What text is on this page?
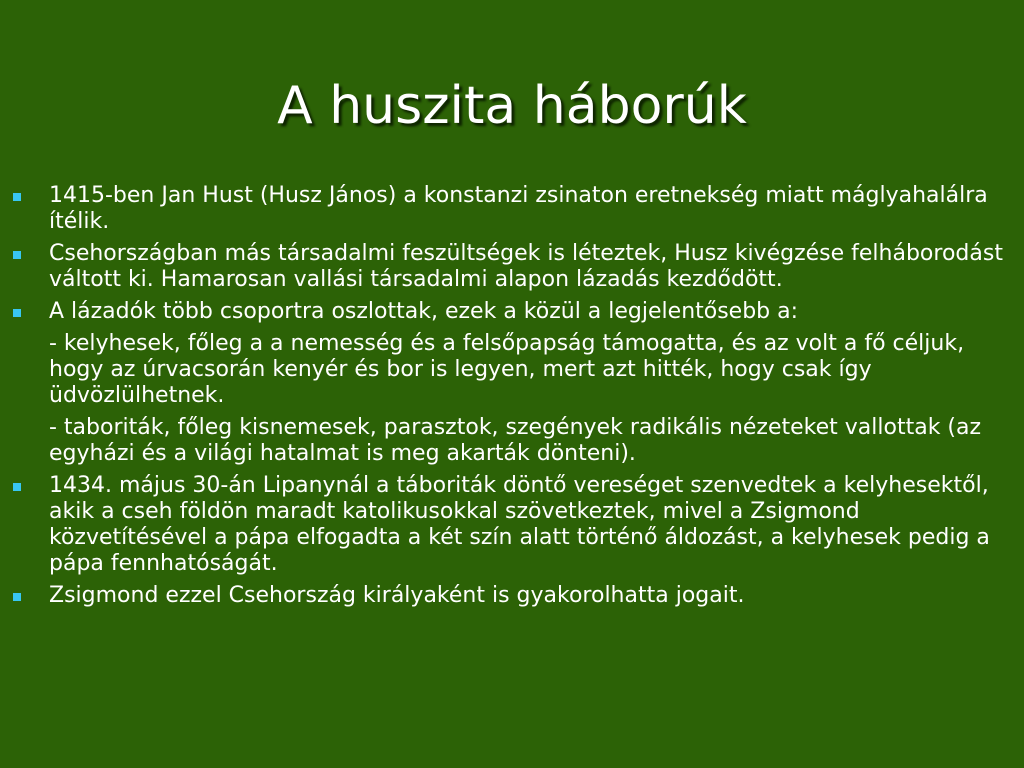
A huszita háborúk
1415-ben Jan Hust (Husz János) a konstanzi zsinaton eretnekség miatt máglyahalálra ítélik.
Csehországban más társadalmi feszültségek is léteztek, Husz kivégzése felháborodást váltott ki. Hamarosan vallási társadalmi alapon lázadás kezdődött.
A lázadók több csoportra oszlottak, ezek a közül a legjelentősebb a:
- kelyhesek, főleg a a nemesség és a felsőpapság támogatta, és az volt a fő céljuk, hogy az úrvacsorán kenyér és bor is legyen, mert azt hitték, hogy csak így üdvözlülhetnek.
- taboriták, főleg kisnemesek, parasztok, szegények radikális nézeteket vallottak (az egyházi és a világi hatalmat is meg akarták dönteni).
1434. május 30-án Lipanynál a táboriták döntő vereséget szenvedtek a kelyhesektől, akik a cseh földön maradt katolikusokkal szövetkeztek, mivel a Zsigmond közvetítésével a pápa elfogadta a két szín alatt történő áldozást, a kelyhesek pedig a pápa fennhatóságát.
Zsigmond ezzel Csehország királyaként is gyakorolhatta jogait.
